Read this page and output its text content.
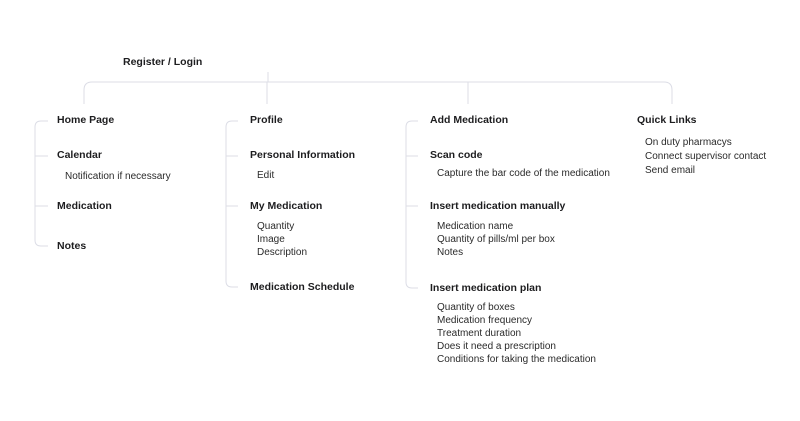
Register / Login
Home Page
Calendar
Notification if necessary
Medication
Notes
Profile
Personal Information
Edit
My Medication
Quantity
Image
Description
Medication Schedule
Add Medication
Scan code
Capture the bar code of the medication
Insert medication manually
Medication name
Quantity of pills/ml per box
Notes
Insert medication plan
Quantity of boxes
Medication frequency
Treatment duration
Does it need a prescription
Conditions for taking the medication
Quick Links
On duty pharmacys
Connect supervisor contact
Send email
